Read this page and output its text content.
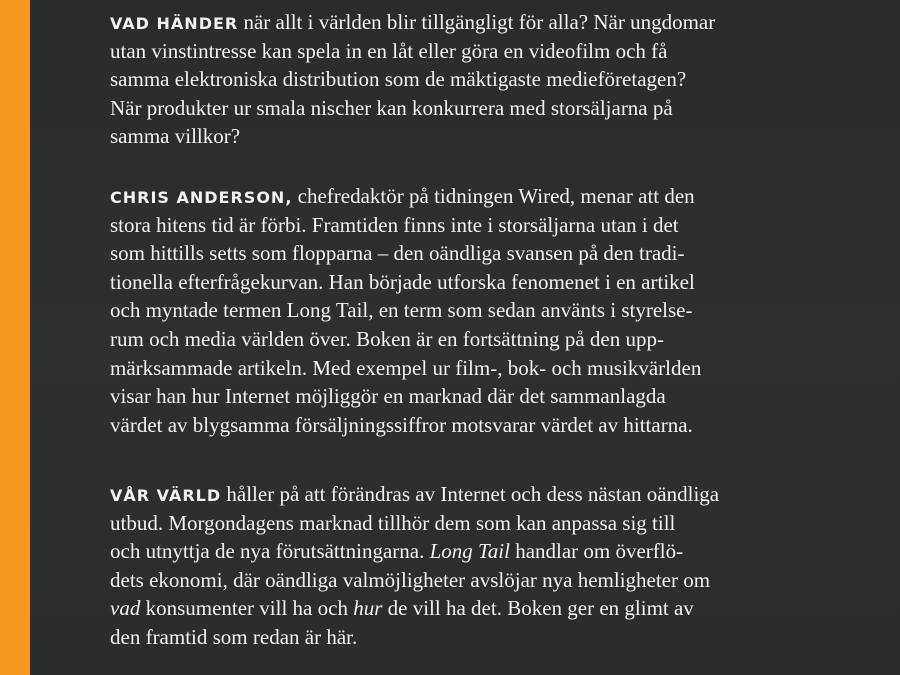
VAD HÄNDER när allt i världen blir tillgängligt för alla? När ungdomar
utan vinstintresse kan spela in en låt eller göra en videofilm och få
samma elektroniska distribution som de mäktigaste medieföretagen?
När produkter ur smala nischer kan konkurrera med storsäljarna på
samma villkor?
CHRIS ANDERSON, chefredaktör på tidningen Wired, menar att den
stora hitens tid är förbi. Framtiden finns inte i storsäljarna utan i det
som hittills setts som flopparna – den oändliga svansen på den tradi-
tionella efterfrågekurvan. Han började utforska fenomenet i en artikel
och myntade termen Long Tail, en term som sedan använts i styrelse-
rum och media världen över. Boken är en fortsättning på den upp-
märksammade artikeln. Med exempel ur film-, bok- och musikvärlden
visar han hur Internet möjliggör en marknad där det sammanlagda
värdet av blygsamma försäljningssiffror motsvarar värdet av hittarna.
VÅR VÄRLD håller på att förändras av Internet och dess nästan oändliga
utbud. Morgondagens marknad tillhör dem som kan anpassa sig till
och utnyttja de nya förutsättningarna. Long Tail handlar om överflö-
dets ekonomi, där oändliga valmöjligheter avslöjar nya hemligheter om
vad konsumenter vill ha och hur de vill ha det. Boken ger en glimt av
den framtid som redan är här.
